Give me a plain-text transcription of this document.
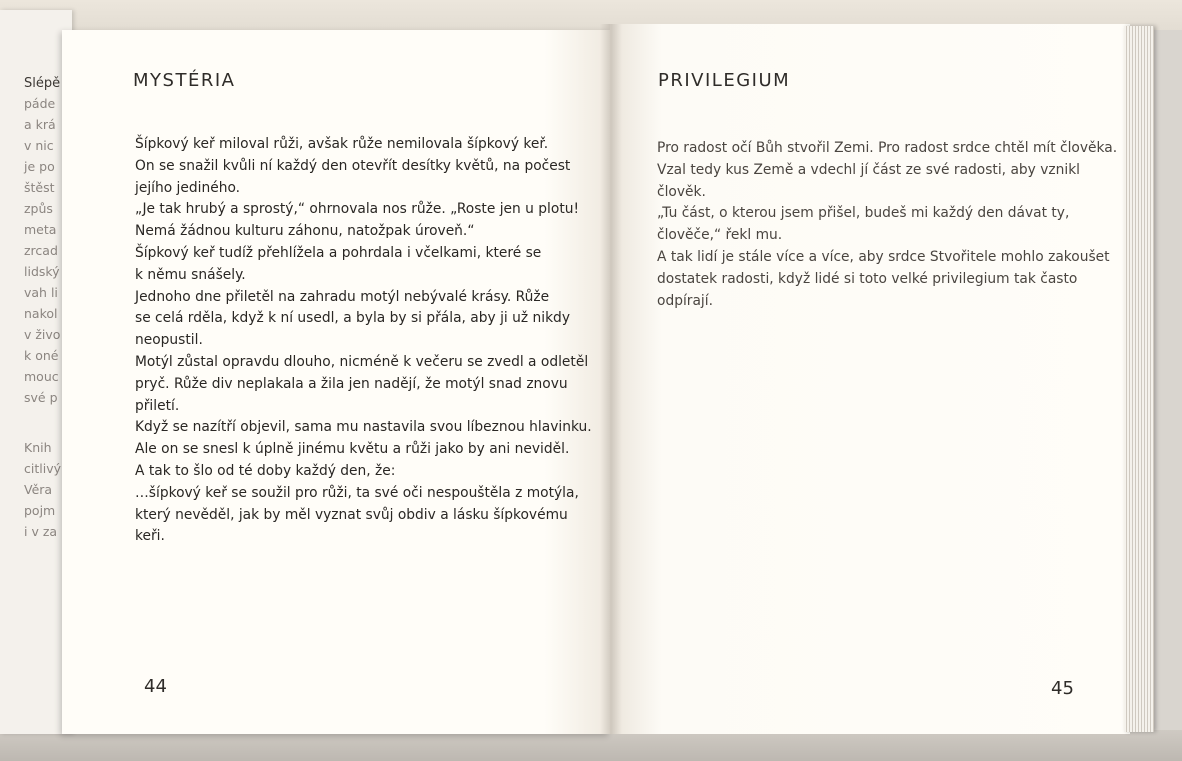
Slépě
páde
a krá
v nic
je po
štěst
způs
meta
zrcad
lidský
vah li
nakol
v živo
k oné
mouc
své p
Knih
citlivý
Věra
pojm
i v za
MYSTÉRIA
Šípkový keř miloval růži, avšak růže nemilovala šípkový keř.
On se snažil kvůli ní každý den otevřít desítky květů, na počest
jejího jediného.
„Je tak hrubý a sprostý,“ ohrnovala nos růže. „Roste jen u plotu!
Nemá žádnou kulturu záhonu, natožpak úroveň.“
Šípkový keř tudíž přehlížela a pohrdala i včelkami, které se
k němu snášely.
Jednoho dne přiletěl na zahradu motýl nebývalé krásy. Růže
se celá rděla, když k ní usedl, a byla by si přála, aby ji už nikdy
neopustil.
Motýl zůstal opravdu dlouho, nicméně k večeru se zvedl a odletěl
pryč. Růže div neplakala a žila jen nadějí, že motýl snad znovu
přiletí.
Když se nazítří objevil, sama mu nastavila svou líbeznou hlavinku.
Ale on se snesl k úplně jinému květu a růži jako by ani neviděl.
A tak to šlo od té doby každý den, že:
…šípkový keř se soužil pro růži, ta své oči nespouštěla z motýla,
který nevěděl, jak by měl vyznat svůj obdiv a lásku šípkovému
keři.
44
PRIVILEGIUM
Pro radost očí Bůh stvořil Zemi. Pro radost srdce chtěl mít člověka.
Vzal tedy kus Země a vdechl jí část ze své radosti, aby vznikl
člověk.
„Tu část, o kterou jsem přišel, budeš mi každý den dávat ty,
člověče,“ řekl mu.
A tak lidí je stále více a více, aby srdce Stvořitele mohlo zakoušet
dostatek radosti, když lidé si toto velké privilegium tak často
odpírají.
45
